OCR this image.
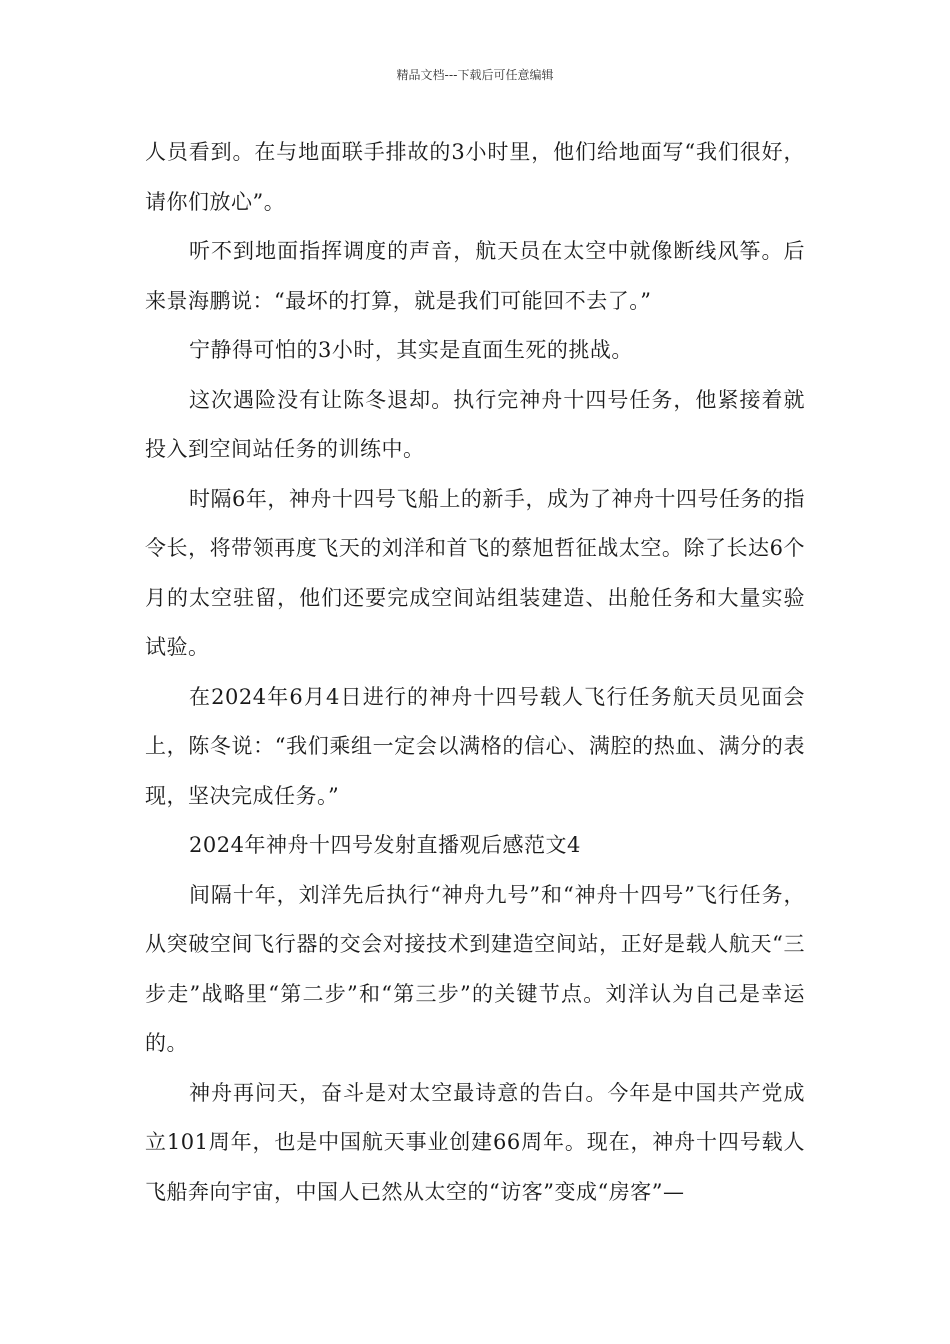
精品文档---下载后可任意编辑

人员看到。在与地面联手排故的3小时里，他们给地面写“我们很好，请你们放心”。

听不到地面指挥调度的声音，航天员在太空中就像断线风筝。后来景海鹏说：“最坏的打算，就是我们可能回不去了。”

宁静得可怕的3小时，其实是直面生死的挑战。

这次遇险没有让陈冬退却。执行完神舟十四号任务，他紧接着就投入到空间站任务的训练中。

时隔6年，神舟十四号飞船上的新手，成为了神舟十四号任务的指令长，将带领再度飞天的刘洋和首飞的蔡旭哲征战太空。除了长达6个月的太空驻留，他们还要完成空间站组装建造、出舱任务和大量实验试验。

在2024年6月4日进行的神舟十四号载人飞行任务航天员见面会上，陈冬说：“我们乘组一定会以满格的信心、满腔的热血、满分的表现，坚决完成任务。”

2024年神舟十四号发射直播观后感范文4

间隔十年，刘洋先后执行“神舟九号”和“神舟十四号”飞行任务，从突破空间飞行器的交会对接技术到建造空间站，正好是载人航天“三步走”战略里“第二步”和“第三步”的关键节点。刘洋认为自己是幸运的。

神舟再问天，奋斗是对太空最诗意的告白。今年是中国共产党成立101周年，也是中国航天事业创建66周年。现在，神舟十四号载人飞船奔向宇宙，中国人已然从太空的“访客”变成“房客”—
